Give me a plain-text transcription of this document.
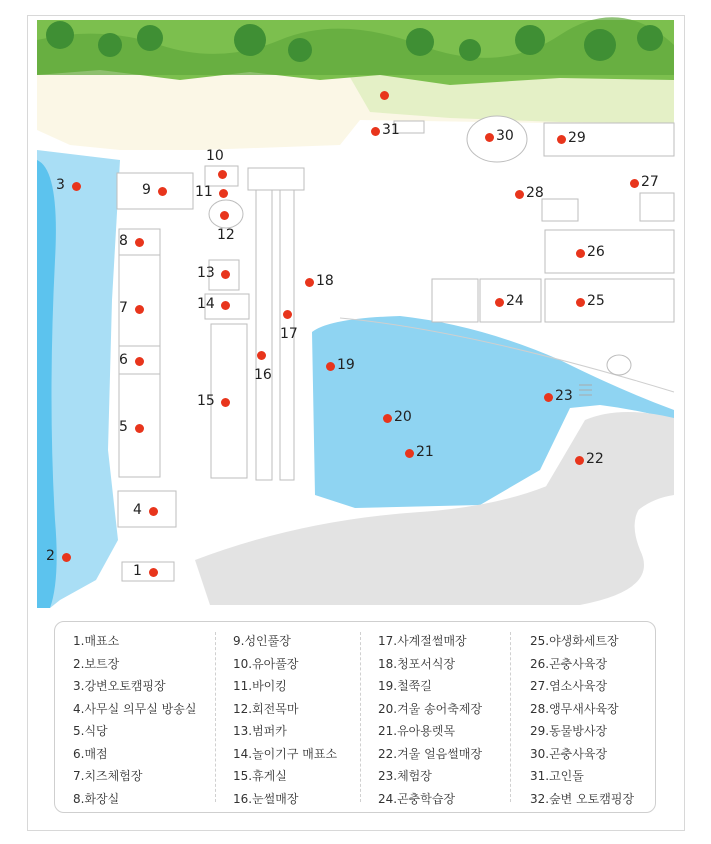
1
2
3
4
5
6
7
8
9
10
11
12
13
14
15
16
17
18
19
20
21	22
23
24	25
26
27
28
29
30
31
1.매표소
2.보트장
3.강변오토캠핑장
4.사무실 의무실 방송실
5.식당
6.매점
7.치즈체험장
8.화장실
9.성인풀장
10.유아풀장
11.바이킹
12.회전목마
13.범퍼카
14.놀이기구 매표소
15.휴게실
16.눈썰매장
17.사계절썰매장
18.청포서식장
19.철쭉길
20.겨울 송어축제장
21.유아용렛목
22.겨울 얼음썰매장
23.체험장
24.곤충학습장
25.야생화세트장
26.곤충사육장
27.염소사육장
28.앵무새사육장
29.동물방사장
30.곤충사육장
31.고인돌
32.숲변 오토캠핑장
